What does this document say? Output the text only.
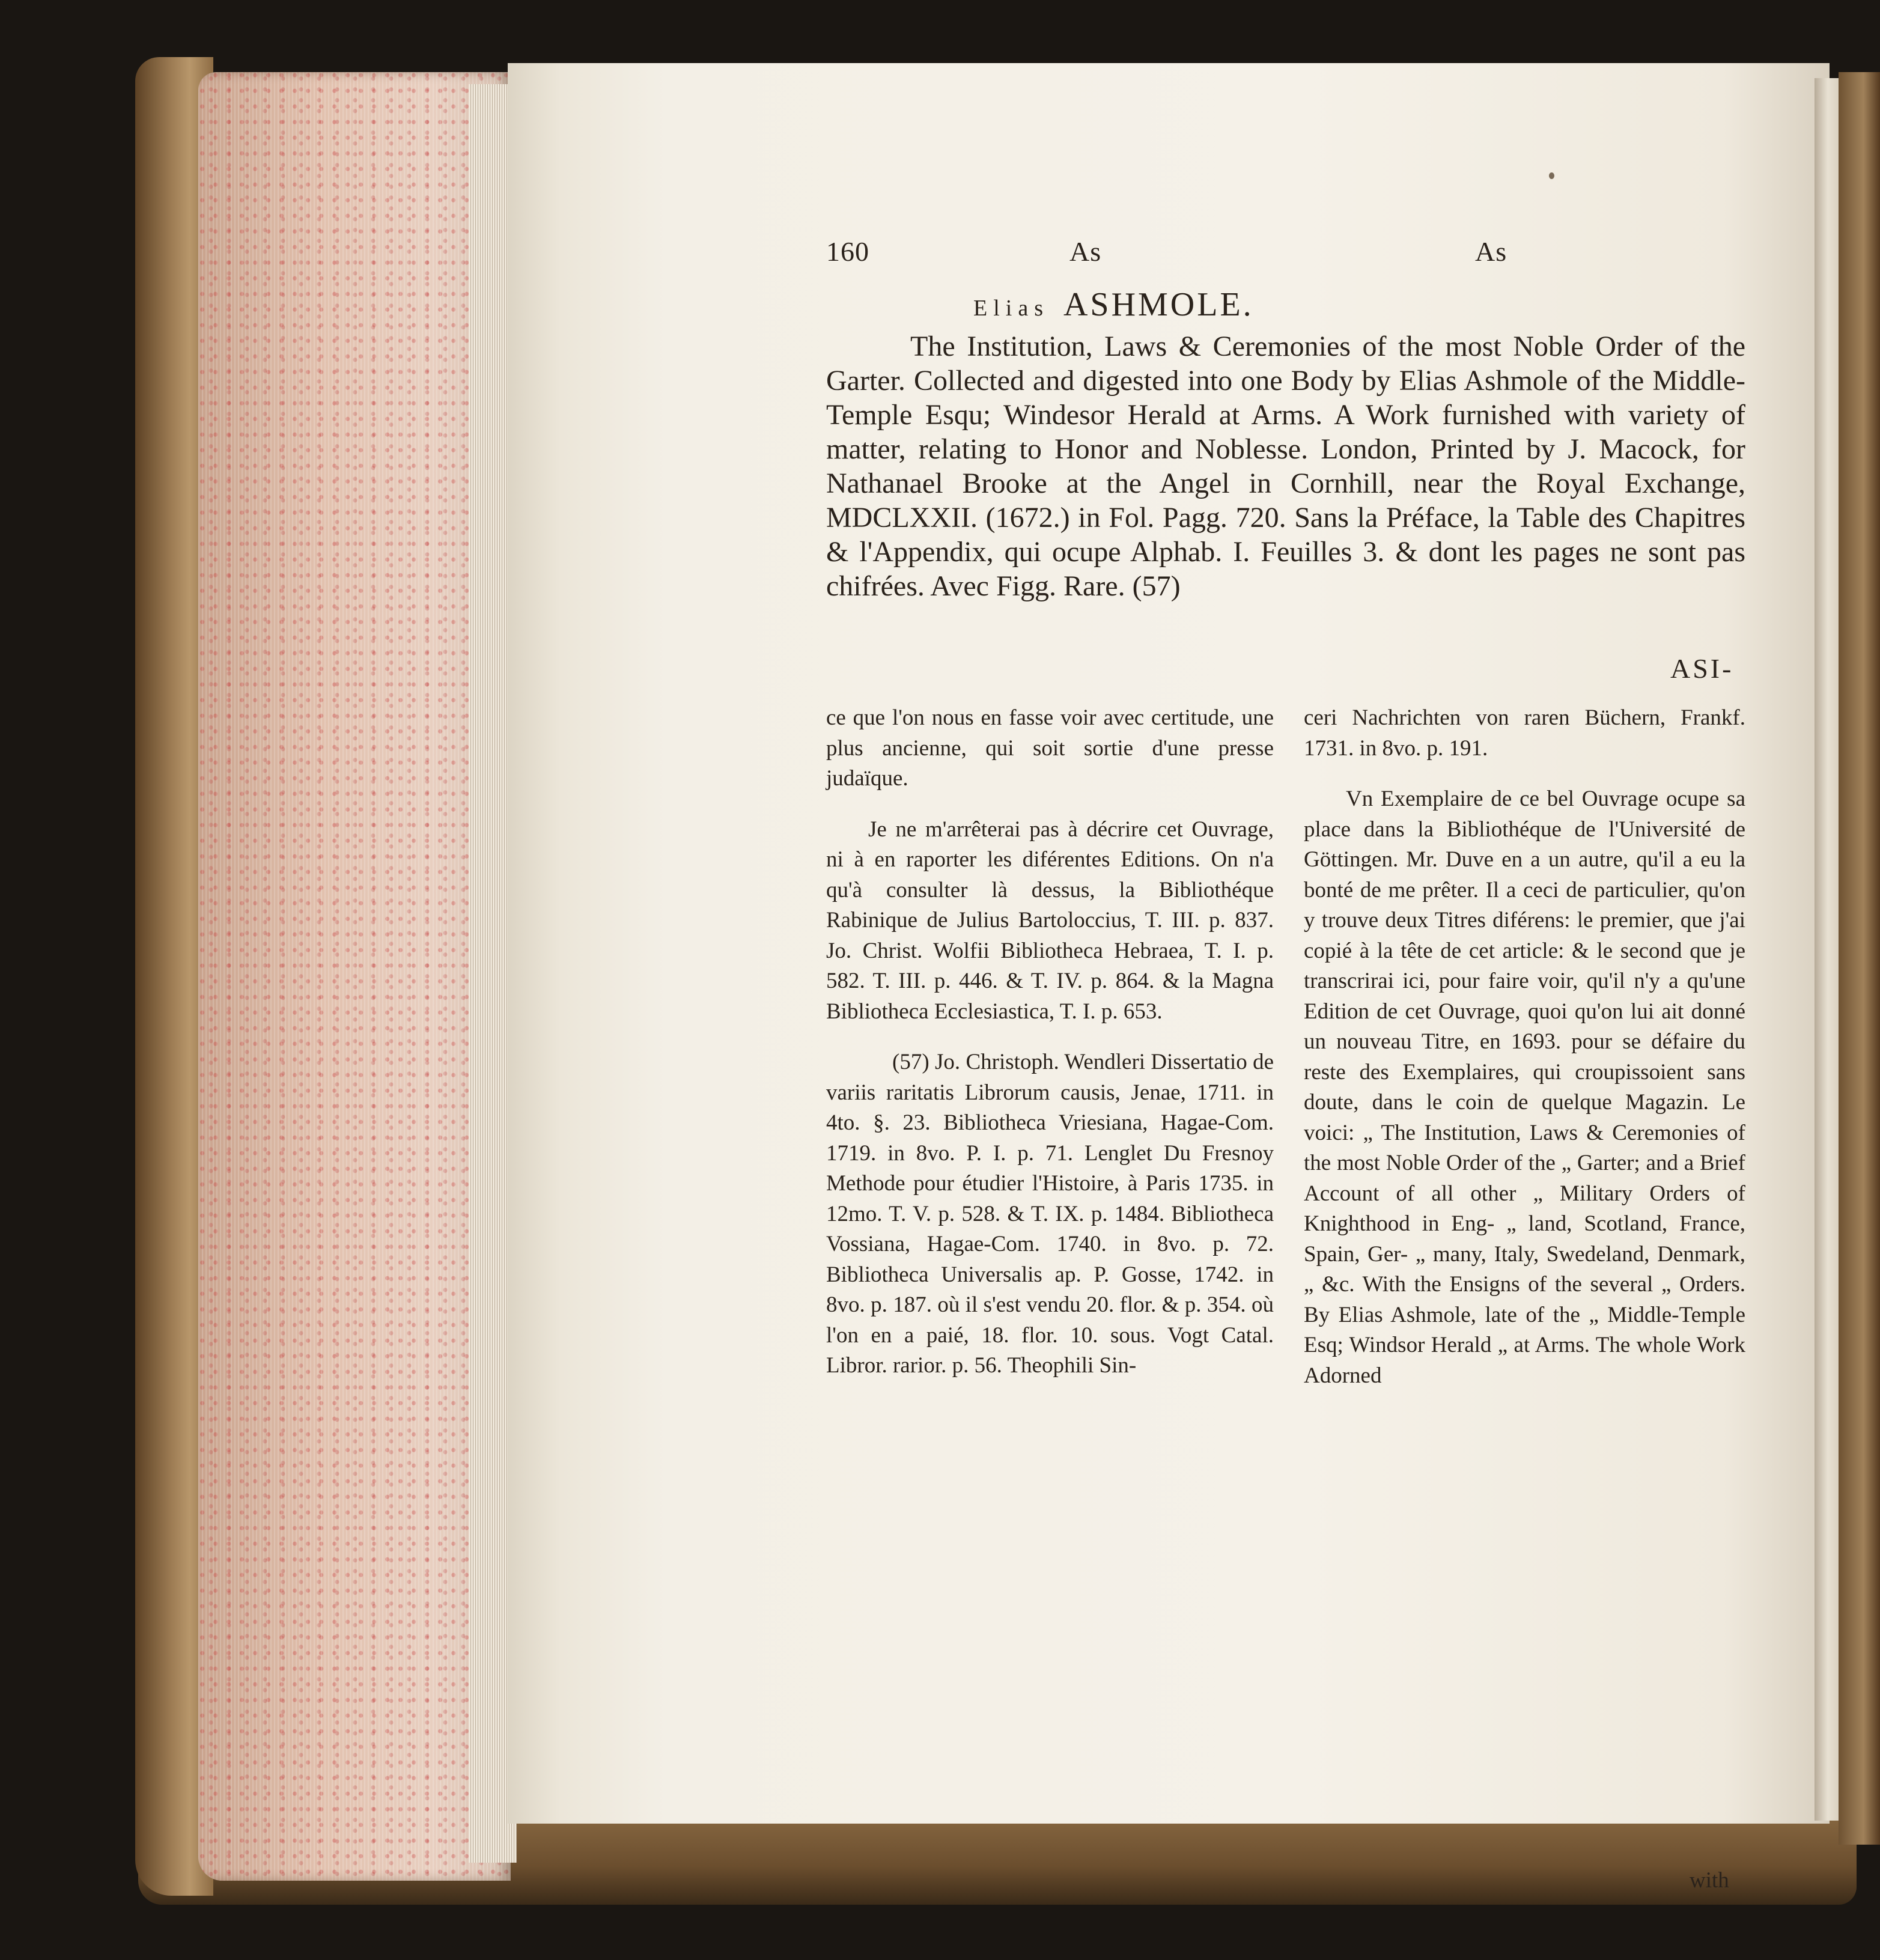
160	As	As
Elias ASHMOLE.

The Institution, Laws & Ceremonies of the most Noble Order of the Garter. Collected and digested into one Body by Elias Ashmole of the Middle-Temple Esqu; Windesor Herald at Arms. A Work furnished with variety of matter, relating to Honor and Noblesse. London, Printed by J. Macock, for Nathanael Brooke at the Angel in Cornhill, near the Royal Exchange, MDCLXXII. (1672.) in Fol. Pagg. 720. Sans la Préface, la Table des Chapitres & l'Appendix, qui ocupe Alphab. I. Feuilles 3. & dont les pages ne sont pas chifrées. Avec Figg. Rare. (57)

ASI-

ce que l'on nous en fasse voir avec certitude, une plus ancienne, qui soit sortie d'une presse judaïque.

Je ne m'arrêterai pas à décrire cet Ouvrage, ni à en raporter les diférentes Editions. On n'a qu'à consulter là dessus, la Bibliothéque Rabinique de Julius Bartoloccius, T. III. p. 837. Jo. Christ. Wolfii Bibliotheca Hebraea, T. I. p. 582. T. III. p. 446. & T. IV. p. 864. & la Magna Bibliotheca Ecclesiastica, T. I. p. 653.

(57) Jo. Christoph. Wendleri Dissertatio de variis raritatis Librorum causis, Jenae, 1711. in 4to. §. 23. Bibliotheca Vriesiana, Hagae-Com. 1719. in 8vo. P. I. p. 71. Lenglet Du Fresnoy Methode pour étudier l'Histoire, à Paris 1735. in 12mo. T. V. p. 528. & T. IX. p. 1484. Bibliotheca Vossiana, Hagae-Com. 1740. in 8vo. p. 72. Bibliotheca Universalis ap. P. Gosse, 1742. in 8vo. p. 187. où il s'est vendu 20. flor. & p. 354. où l'on en a paié, 18. flor. 10. sous. Vogt Catal. Libror. rarior. p. 56. Theophili Sin-

ceri Nachrichten von raren Büchern, Frankf. 1731. in 8vo. p. 191.

Vn Exemplaire de ce bel Ouvrage ocupe sa place dans la Bibliothéque de l'Université de Göttingen. Mr. Duve en a un autre, qu'il a eu la bonté de me prêter. Il a ceci de particulier, qu'on y trouve deux Titres diférens: le premier, que j'ai copié à la tête de cet article: & le second que je transcrirai ici, pour faire voir, qu'il n'y a qu'une Edition de cet Ouvrage, quoi qu'on lui ait donné un nouveau Titre, en 1693. pour se défaire du reste des Exemplaires, qui croupissoient sans doute, dans le coin de quelque Magazin. Le voici: „ The Institution, Laws & Ceremonies of the most Noble Order of the „ Garter; and a Brief Account of all other „ Military Orders of Knighthood in Eng- „ land, Scotland, France, Spain, Ger- „ many, Italy, Swedeland, Denmark, „ &c. With the Ensigns of the several „ Orders. By Elias Ashmole, late of the „ Middle-Temple Esq; Windsor Herald „ at Arms. The whole Work Adorned

with
